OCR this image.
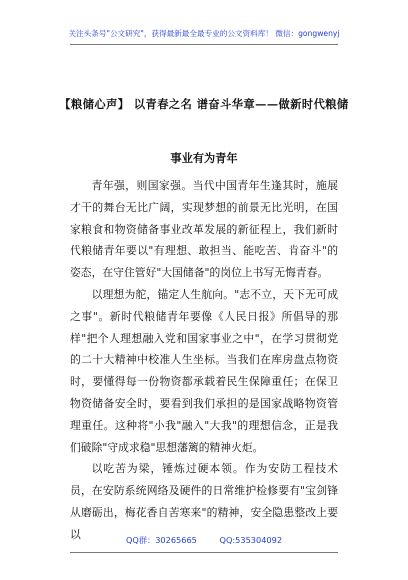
关注头条号"公文研究"，获得最新最全最专业的公文资料库！ 微信：gongwenyj
【粮储心声】 以青春之名 谱奋斗华章——做新时代粮储
事业有为青年

青年强，则国家强。当代中国青年生逢其时，施展才干的舞台无比广阔，实现梦想的前景无比光明，在国家粮食和物资储备事业改革发展的新征程上，我们新时代粮储青年要以"有理想、敢担当、能吃苦、肯奋斗"的姿态，在守住管好"大国储备"的岗位上书写无悔青春。

以理想为舵，锚定人生航向。"志不立，天下无可成之事"。新时代粮储青年要像《人民日报》所倡导的那样"把个人理想融入党和国家事业之中"，在学习贯彻党的二十大精神中校准人生坐标。当我们在库房盘点物资时，要懂得每一份物资都承载着民生保障重任；在保卫物资储备安全时，要看到我们承担的是国家战略物资管理重任。这种将"小我"融入"大我"的理想信念，正是我们破除"守成求稳"思想藩篱的精神火炬。

以吃苦为梁，锤炼过硬本领。作为安防工程技术员，在安防系统网络及硬件的日常维护检修要有"宝剑锋从磨砺出，梅花香自苦寒来"的精神，安全隐患整改上要以	QQ群：30265665	QQ:535304092
